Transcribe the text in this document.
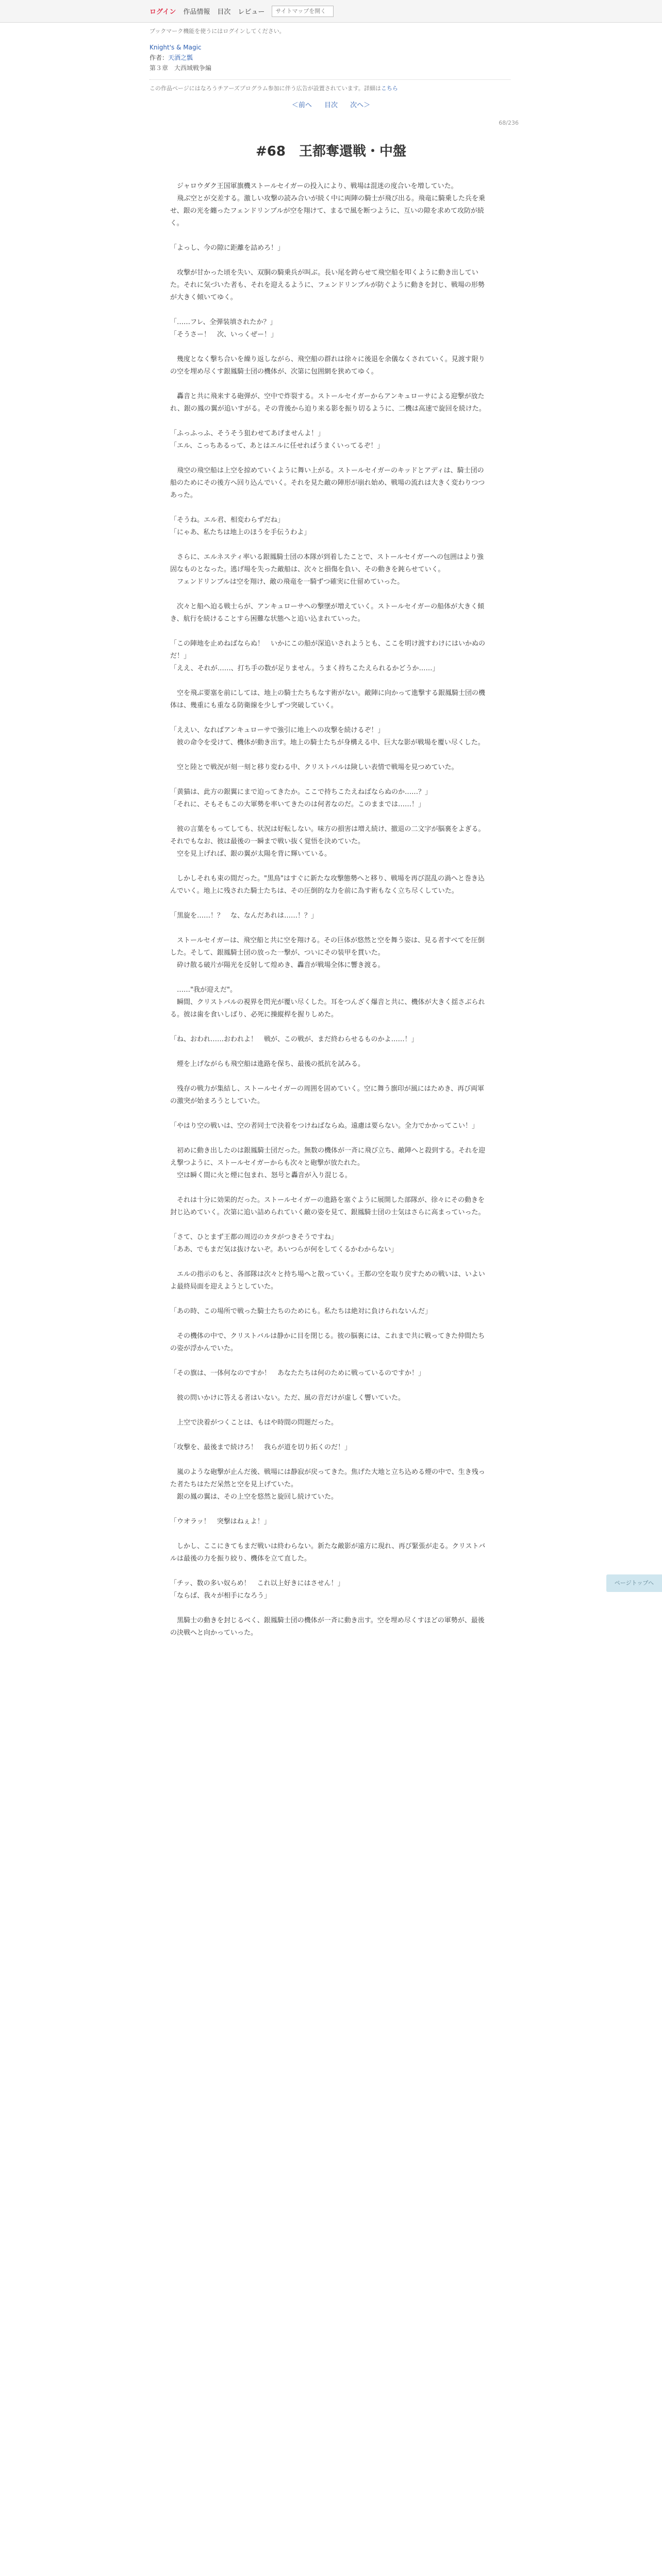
ログイン 作品情報 目次 レビュー
サイトマップを開く
ブックマーク機能を使うにはログインしてください。
Knight's & Magic
作者：天酒之瓢
第３章　大西域戦争編
この作品ページにはなろうチアーズプログラム参加に伴う広告が設置されています。詳細はこちら
＜前へ 目次 次へ＞
68/236
#68　王都奪還戦・中盤

　ジャロウダク王国軍旗機ストールセイガーの投入により、戦場は混迷の度合いを増していた。
　飛ぶ空とが交差する。激しい攻撃の読み合いが続く中に両陣の騎士が飛び出る。飛竜に騎乗した兵を乗せ、銀の光を纏ったフェンドリンブルが空を翔けて、まるで風を断つように、互いの隙を求めて攻防が続く。

「よっし、今の隙に距離を詰めろ！」

　攻撃が甘かった頃を失い、双胴の騎乗兵が叫ぶ。長い尾を跨らせて飛空船を叩くように動き出していた。それに気づいた者も、それを迎えるように、フェンドリンブルが防ぐように動きを封じ、戦場の形勢が大きく傾いてゆく。

「……フレ、全弾装填されたか？」
「そうさー！　次、いっくぜー！」

　幾度となく撃ち合いを繰り返しながら、飛空船の群れは徐々に後退を余儀なくされていく。見渡す限りの空を埋め尽くす銀鳳騎士団の機体が、次第に包囲網を狭めてゆく。

　轟音と共に飛来する砲弾が、空中で炸裂する。ストールセイガーからアンキュローサによる迎撃が放たれ、銀の鳳の翼が追いすがる。その背後から迫り来る影を振り切るように、二機は高速で旋回を続けた。

「ふっふっふ、そうそう狙わせてあげませんよ！」
「エル、こっちあるって、あとはエルに任せればうまくいってるぞ！」

　飛空の飛空船は上空を掠めていくように舞い上がる。ストールセイガーのキッドとアディは、騎士団の船のためにその後方へ回り込んでいく。それを見た敵の陣形が崩れ始め、戦場の流れは大きく変わりつつあった。

「そうね。エル君、相変わらずだね」
「にゃあ、私たちは地上のほうを手伝うわよ」

　さらに、エルネスティ率いる銀鳳騎士団の本隊が到着したことで、ストールセイガーへの包囲はより強固なものとなった。逃げ場を失った敵船は、次々と損傷を負い、その動きを鈍らせていく。
　フェンドリンブルは空を翔け、敵の飛竜を一騎ずつ確実に仕留めていった。

　次々と船へ迫る戦士らが、アンキュローサへの撃墜が増えていく。ストールセイガーの船体が大きく傾き、航行を続けることすら困難な状態へと追い込まれていった。

「この陣地を止めねばならぬ！　いかにこの船が深追いされようとも、ここを明け渡すわけにはいかぬのだ！」
「ええ、それが……、打ち手の数が足りません。うまく持ちこたえられるかどうか……」

　空を飛ぶ要塞を前にしては、地上の騎士たちもなす術がない。敵陣に向かって進撃する銀鳳騎士団の機体は、幾重にも重なる防衛線を少しずつ突破していく。

「ええい、なればアンキュローサで強引に地上への攻撃を続けるぞ！」
　彼の命令を受けて、機体が動き出す。地上の騎士たちが身構える中、巨大な影が戦場を覆い尽くした。

　空と陸とで戦況が刻一刻と移り変わる中、クリストバルは険しい表情で戦場を見つめていた。

「黄猫は、此方の銀翼にまで迫ってきたか。ここで持ちこたえねばならぬのか……？」
「それに、そもそもこの大軍勢を率いてきたのは何者なのだ。このままでは……！」

　彼の言葉をもってしても、状況は好転しない。味方の損害は増え続け、撤退の二文字が脳裏をよぎる。それでもなお、彼は最後の一瞬まで戦い抜く覚悟を決めていた。
　空を見上げれば、銀の翼が太陽を背に輝いている。

　しかしそれも束の間だった。"黒鳥"はすぐに新たな攻撃態勢へと移り、戦場を再び混乱の渦へと巻き込んでいく。地上に残された騎士たちは、その圧倒的な力を前に為す術もなく立ち尽くしていた。

「黒旋を……！？　な、なんだあれは……！？」

　ストールセイガーは、飛空船と共に空を翔ける。その巨体が悠然と空を舞う姿は、見る者すべてを圧倒した。そして、銀鳳騎士団の放った一撃が、ついにその装甲を貫いた。
　砕け散る破片が陽光を反射して煌めき、轟音が戦場全体に響き渡る。

　……"我が迎えだ"。
　瞬間、クリストバルの視界を閃光が覆い尽くした。耳をつんざく爆音と共に、機体が大きく揺さぶられる。彼は歯を食いしばり、必死に操縦桿を握りしめた。

「ね、おわれ……おわれよ！　戦が、この戦が、まだ終わらせるものかよ……！」

　煙を上げながらも飛空船は進路を保ち、最後の抵抗を試みる。

　残存の戦力が集結し、ストールセイガーの周囲を固めていく。空に舞う旗印が風にはためき、再び両軍の激突が始まろうとしていた。

「やはり空の戦いは、空の者同士で決着をつけねばならぬ。遠慮は要らない。全力でかかってこい！」

　初めに動き出したのは銀鳳騎士団だった。無数の機体が一斉に飛び立ち、敵陣へと殺到する。それを迎え撃つように、ストールセイガーからも次々と砲撃が放たれた。
　空は瞬く間に火と煙に包まれ、怒号と轟音が入り混じる。

　それは十分に効果的だった。ストールセイガーの進路を塞ぐように展開した部隊が、徐々にその動きを封じ込めていく。次第に追い詰められていく敵の姿を見て、銀鳳騎士団の士気はさらに高まっていった。

「さて、ひとまず王都の周辺のカタがつきそうですね」
「ああ、でもまだ気は抜けないぞ。あいつらが何をしてくるかわからない」

　エルの指示のもと、各部隊は次々と持ち場へと散っていく。王都の空を取り戻すための戦いは、いよいよ最終局面を迎えようとしていた。

「あの時、この場所で戦った騎士たちのためにも。私たちは絶対に負けられないんだ」

　その機体の中で、クリストバルは静かに目を閉じる。彼の脳裏には、これまで共に戦ってきた仲間たちの姿が浮かんでいた。

「その旗は、一体何なのですか！　あなたたちは何のために戦っているのですか！」

　彼の問いかけに答える者はいない。ただ、風の音だけが虚しく響いていた。

　上空で決着がつくことは、もはや時間の問題だった。

「攻撃を、最後まで続けろ！　我らが道を切り拓くのだ！」

　嵐のような砲撃が止んだ後、戦場には静寂が戻ってきた。焦げた大地と立ち込める煙の中で、生き残った者たちはただ呆然と空を見上げていた。
　銀の鳳の翼は、その上空を悠然と旋回し続けていた。

「ウオラッ！　突撃はねぇよ！」

　しかし、ここにきてもまだ戦いは終わらない。新たな敵影が遠方に現れ、再び緊張が走る。クリストバルは最後の力を振り絞り、機体を立て直した。

「チッ、数の多い奴らめ！　これ以上好きにはさせん！」
「ならば、我々が相手になろう」

　黒騎士の動きを封じるべく、銀鳳騎士団の機体が一斉に動き出す。空を埋め尽くすほどの軍勢が、最後の決戦へと向かっていった。

ページトップへ
